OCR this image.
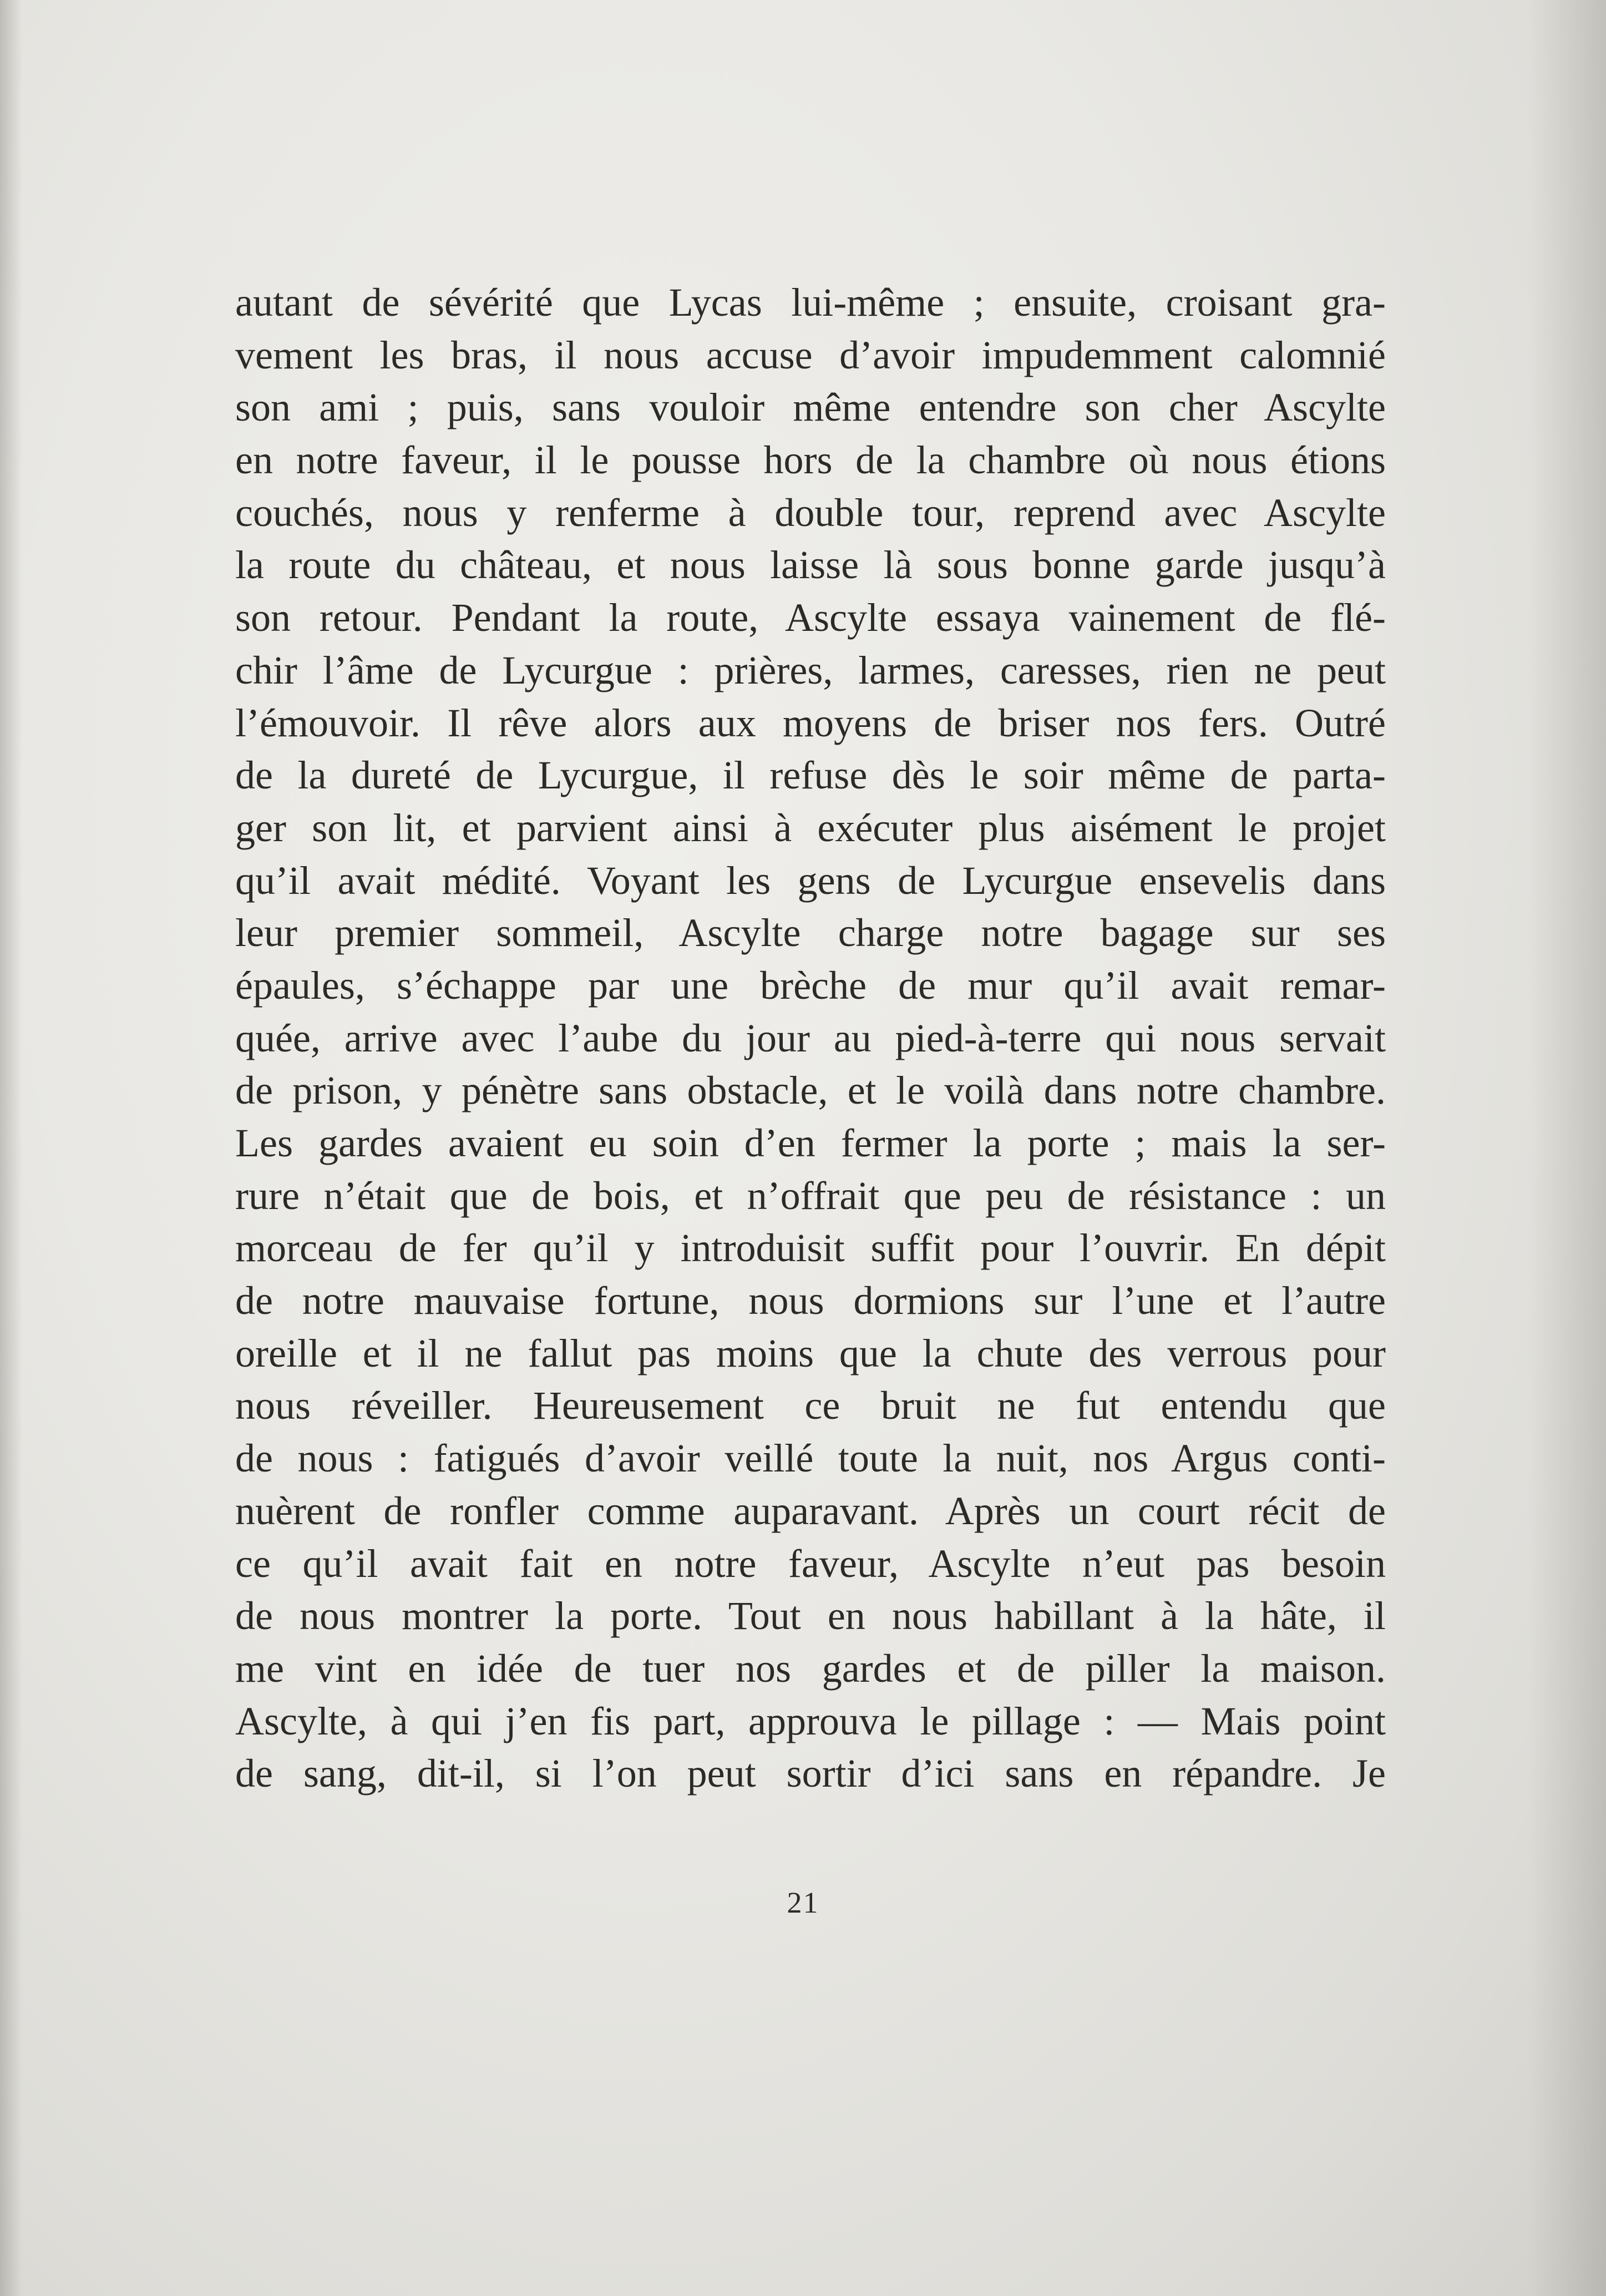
autant de sévérité que Lycas lui-même ; ensuite, croisant gra-
vement les bras, il nous accuse d’avoir impudemment calomnié
son ami ; puis, sans vouloir même entendre son cher Ascylte
en notre faveur, il le pousse hors de la chambre où nous étions
couchés, nous y renferme à double tour, reprend avec Ascylte
la route du château, et nous laisse là sous bonne garde jusqu’à
son retour. Pendant la route, Ascylte essaya vainement de flé-
chir l’âme de Lycurgue : prières, larmes, caresses, rien ne peut
l’émouvoir. Il rêve alors aux moyens de briser nos fers. Outré
de la dureté de Lycurgue, il refuse dès le soir même de parta-
ger son lit, et parvient ainsi à exécuter plus aisément le projet
qu’il avait médité. Voyant les gens de Lycurgue ensevelis dans
leur premier sommeil, Ascylte charge notre bagage sur ses
épaules, s’échappe par une brèche de mur qu’il avait remar-
quée, arrive avec l’aube du jour au pied-à-terre qui nous servait
de prison, y pénètre sans obstacle, et le voilà dans notre chambre.
Les gardes avaient eu soin d’en fermer la porte ; mais la ser-
rure n’était que de bois, et n’offrait que peu de résistance : un
morceau de fer qu’il y introduisit suffit pour l’ouvrir. En dépit
de notre mauvaise fortune, nous dormions sur l’une et l’autre
oreille et il ne fallut pas moins que la chute des verrous pour
nous réveiller. Heureusement ce bruit ne fut entendu que
de nous : fatigués d’avoir veillé toute la nuit, nos Argus conti-
nuèrent de ronfler comme auparavant. Après un court récit de
ce qu’il avait fait en notre faveur, Ascylte n’eut pas besoin
de nous montrer la porte. Tout en nous habillant à la hâte, il
me vint en idée de tuer nos gardes et de piller la maison.
Ascylte, à qui j’en fis part, approuva le pillage : — Mais point
de sang, dit-il, si l’on peut sortir d’ici sans en répandre. Je
21
